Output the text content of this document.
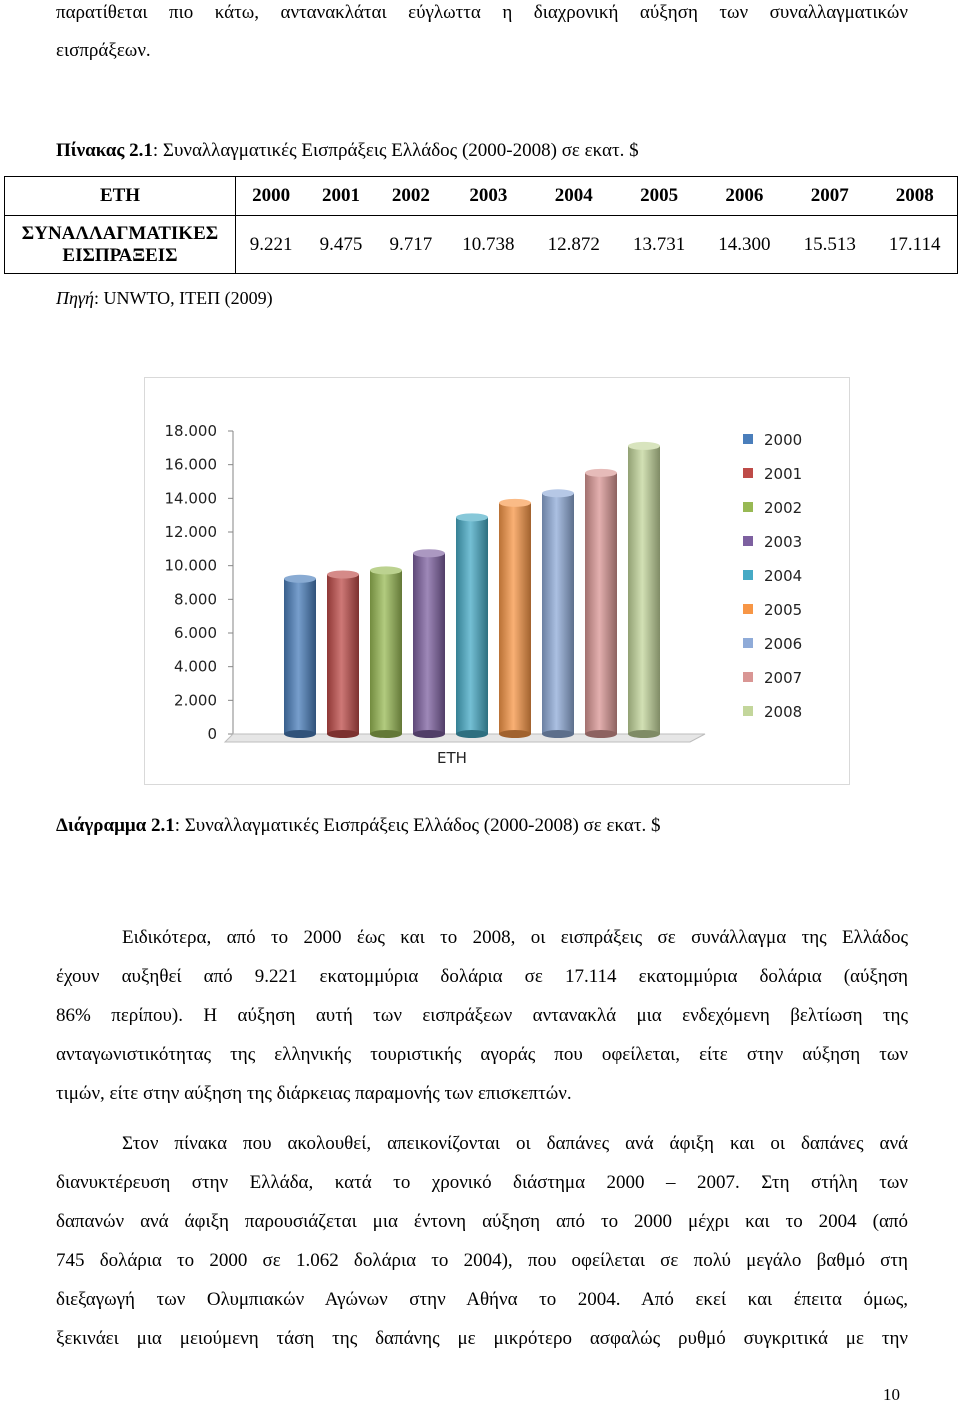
παρατίθεται πιο κάτω, αντανακλάται εύγλωττα η διαχρονική αύξηση των συναλλαγματικών
εισπράξεων.
Πίνακας 2.1: Συναλλαγματικές Εισπράξεις Ελλάδος (2000-2008) σε εκατ. $
ΕΤΗ	2000	2001	2002	2003	2004	2005	2006	2007	2008

ΣΥΝΑΛΛΑΓΜΑΤΙΚΕΣ
ΕΙΣΠΡΑΞΕΙΣ	9.221	9.475	9.717	10.738	12.872	13.731	14.300	15.513	17.114
Πηγή: UNWTO, ΙΤΕΠ (2009)
0
2.000
4.000
6.000
8.000
10.000
12.000
14.000
16.000
18.000
ΕΤΗ
2000
2001
2002
2003
2004
2005
2006
2007
2008
Διάγραμμα 2.1: Συναλλαγματικές Εισπράξεις Ελλάδος (2000-2008) σε εκατ. $
Ειδικότερα, από το 2000 έως και το 2008, οι εισπράξεις σε συνάλλαγμα της Ελλάδος
έχουν αυξηθεί από 9.221 εκατομμύρια δολάρια σε 17.114 εκατομμύρια δολάρια (αύξηση
86% περίπου). Η αύξηση αυτή των εισπράξεων αντανακλά μια ενδεχόμενη βελτίωση της
ανταγωνιστικότητας της ελληνικής τουριστικής αγοράς που οφείλεται, είτε στην αύξηση των
τιμών, είτε στην αύξηση της διάρκειας παραμονής των επισκεπτών.
Στον πίνακα που ακολουθεί, απεικονίζονται οι δαπάνες ανά άφιξη και οι δαπάνες ανά
διανυκτέρευση στην Ελλάδα, κατά το χρονικό διάστημα 2000 – 2007. Στη στήλη των
δαπανών ανά άφιξη παρουσιάζεται μια έντονη αύξηση από το 2000 μέχρι και το 2004 (από
745 δολάρια το 2000 σε 1.062 δολάρια το 2004), που οφείλεται σε πολύ μεγάλο βαθμό στη
διεξαγωγή των Ολυμπιακών Αγώνων στην Αθήνα το 2004. Από εκεί και έπειτα όμως,
ξεκινάει μια μειούμενη τάση της δαπάνης με μικρότερο ασφαλώς ρυθμό συγκριτικά με την
10
